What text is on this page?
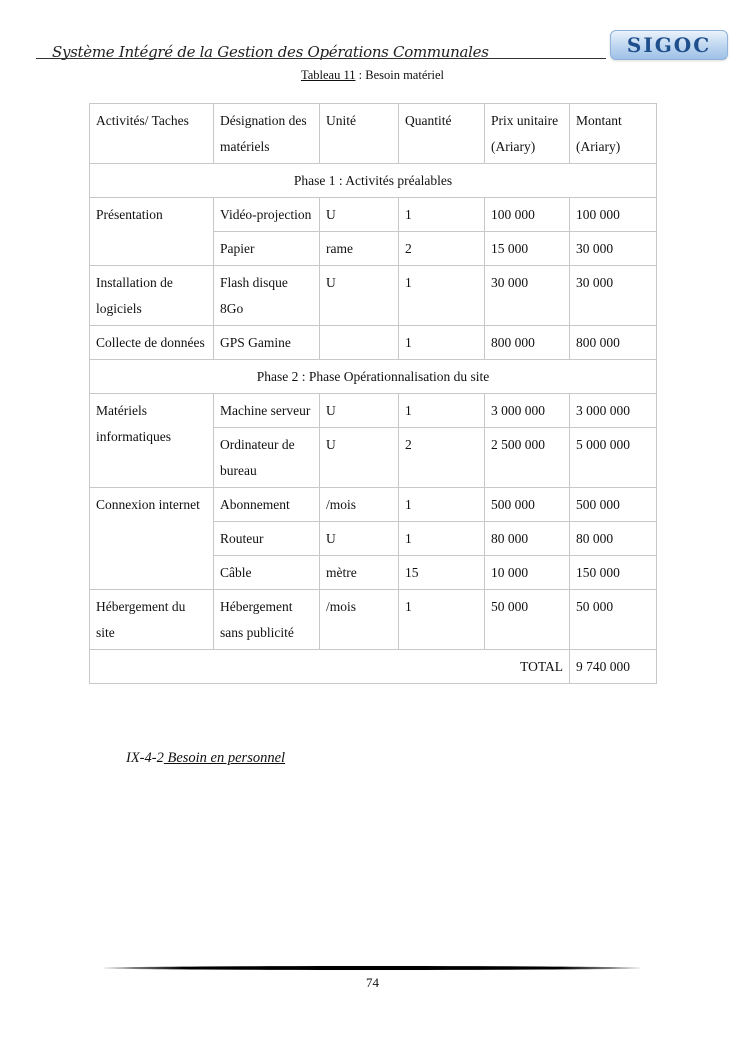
Système Intégré de la Gestion des Opérations Communales	SIGOC
Tableau 11 : Besoin matériel
Activités/ Taches	Désignation des matériels	Unité	Quantité	Prix unitaire (Ariary)	Montant (Ariary)
Phase 1 : Activités préalables					
Présentation	Vidéo-projection	U	1	100 000	100 000
	Papier	rame	2	15 000	30 000
Installation de logiciels	Flash disque 8Go	U	1	30 000	30 000
Collecte de données	GPS Gamine		1	800 000	800 000
Phase 2 : Phase Opérationnalisation du site					
Matériels informatiques	Machine serveur	U	1	3 000 000	3 000 000
	Ordinateur de bureau	U	2	2 500 000	5 000 000
Connexion internet	Abonnement	/mois	1	500 000	500 000
	Routeur	U	1	80 000	80 000
	Câble	mètre	15	10 000	150 000
Hébergement du site	Hébergement sans publicité	/mois	1	50 000	50 000
TOTAL					9 740 000
IX-4-2 Besoin en personnel
74
